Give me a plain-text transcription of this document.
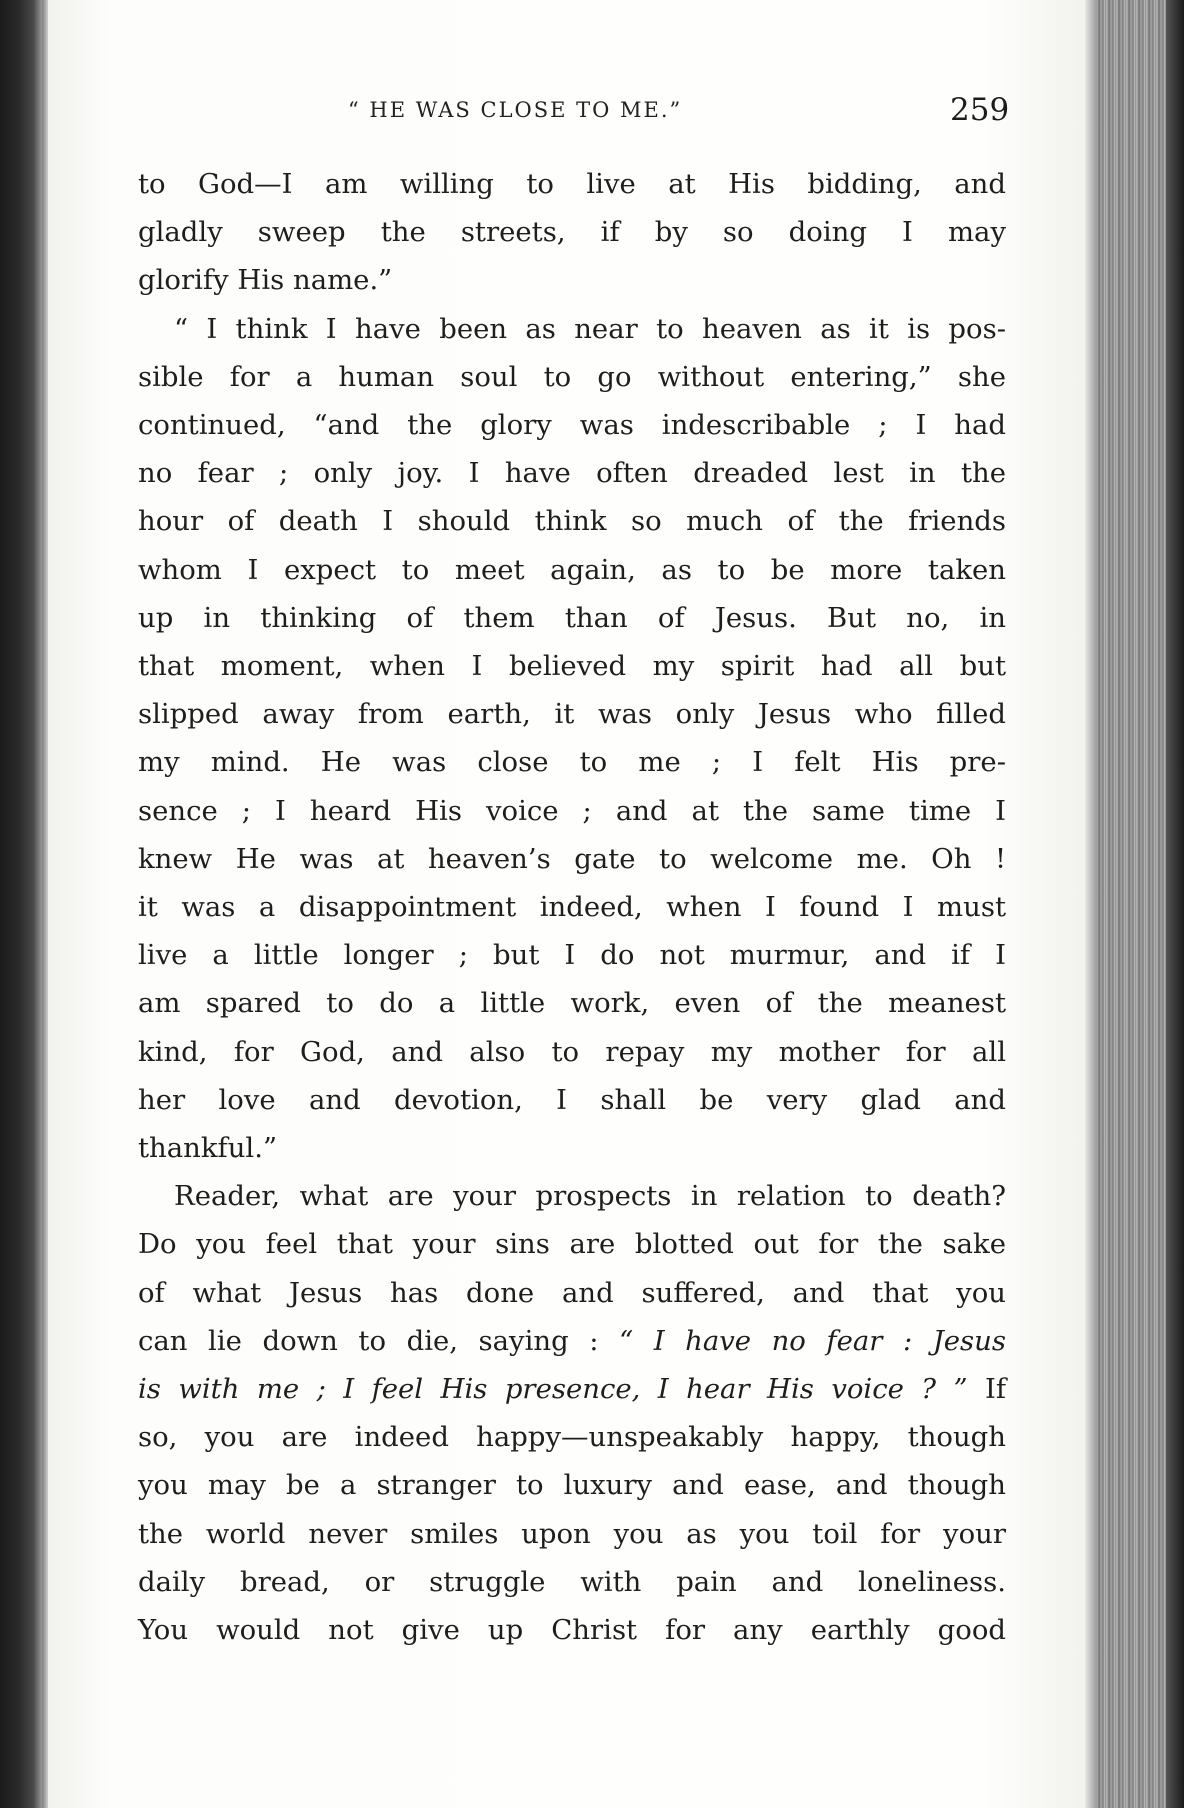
“ HE WAS CLOSE TO ME.”	259
to God—I am willing to live at His bidding, and
gladly sweep the streets, if by so doing I may
glorify His name.”
“ I think I have been as near to heaven as it is pos-
sible for a human soul to go without entering,” she
continued, “and the glory was indescribable ; I had
no fear ; only joy. I have often dreaded lest in the
hour of death I should think so much of the friends
whom I expect to meet again, as to be more taken
up in thinking of them than of Jesus. But no, in
that moment, when I believed my spirit had all but
slipped away from earth, it was only Jesus who filled
my mind. He was close to me ; I felt His pre-
sence ; I heard His voice ; and at the same time I
knew He was at heaven’s gate to welcome me. Oh !
it was a disappointment indeed, when I found I must
live a little longer ; but I do not murmur, and if I
am spared to do a little work, even of the meanest
kind, for God, and also to repay my mother for all
her love and devotion, I shall be very glad and
thankful.”
Reader, what are your prospects in relation to death?
Do you feel that your sins are blotted out for the sake
of what Jesus has done and suffered, and that you
can lie down to die, saying : “ I have no fear : Jesus
is with me ; I feel His presence, I hear His voice ? ” If
so, you are indeed happy—unspeakably happy, though
you may be a stranger to luxury and ease, and though
the world never smiles upon you as you toil for your
daily bread, or struggle with pain and loneliness.
You would not give up Christ for any earthly good
